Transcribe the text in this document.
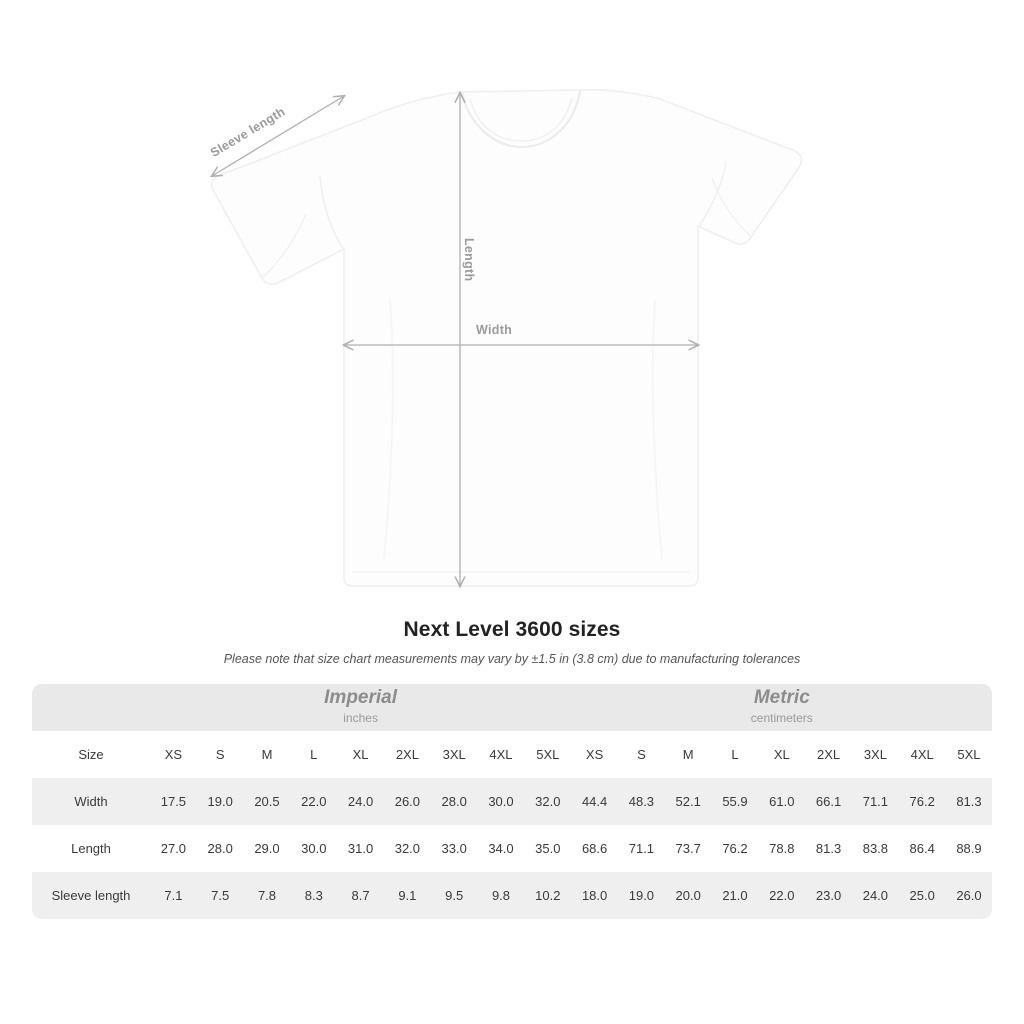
Length
Width
Sleeve length
Next Level 3600 sizes
Please note that size chart measurements may vary by ±1.5 in (3.8 cm) due to manufacturing tolerances

Imperial
inches

Metric
centimeters

Size	XS	S	M	L	XL	2XL	3XL	4XL	5XL	XS	S	M	L	XL	2XL	3XL	4XL	5XL
Width	17.5	19.0	20.5	22.0	24.0	26.0	28.0	30.0	32.0	44.4	48.3	52.1	55.9	61.0	66.1	71.1	76.2	81.3
Length	27.0	28.0	29.0	30.0	31.0	32.0	33.0	34.0	35.0	68.6	71.1	73.7	76.2	78.8	81.3	83.8	86.4	88.9
Sleeve length	7.1	7.5	7.8	8.3	8.7	9.1	9.5	9.8	10.2	18.0	19.0	20.0	21.0	22.0	23.0	24.0	25.0	26.0
